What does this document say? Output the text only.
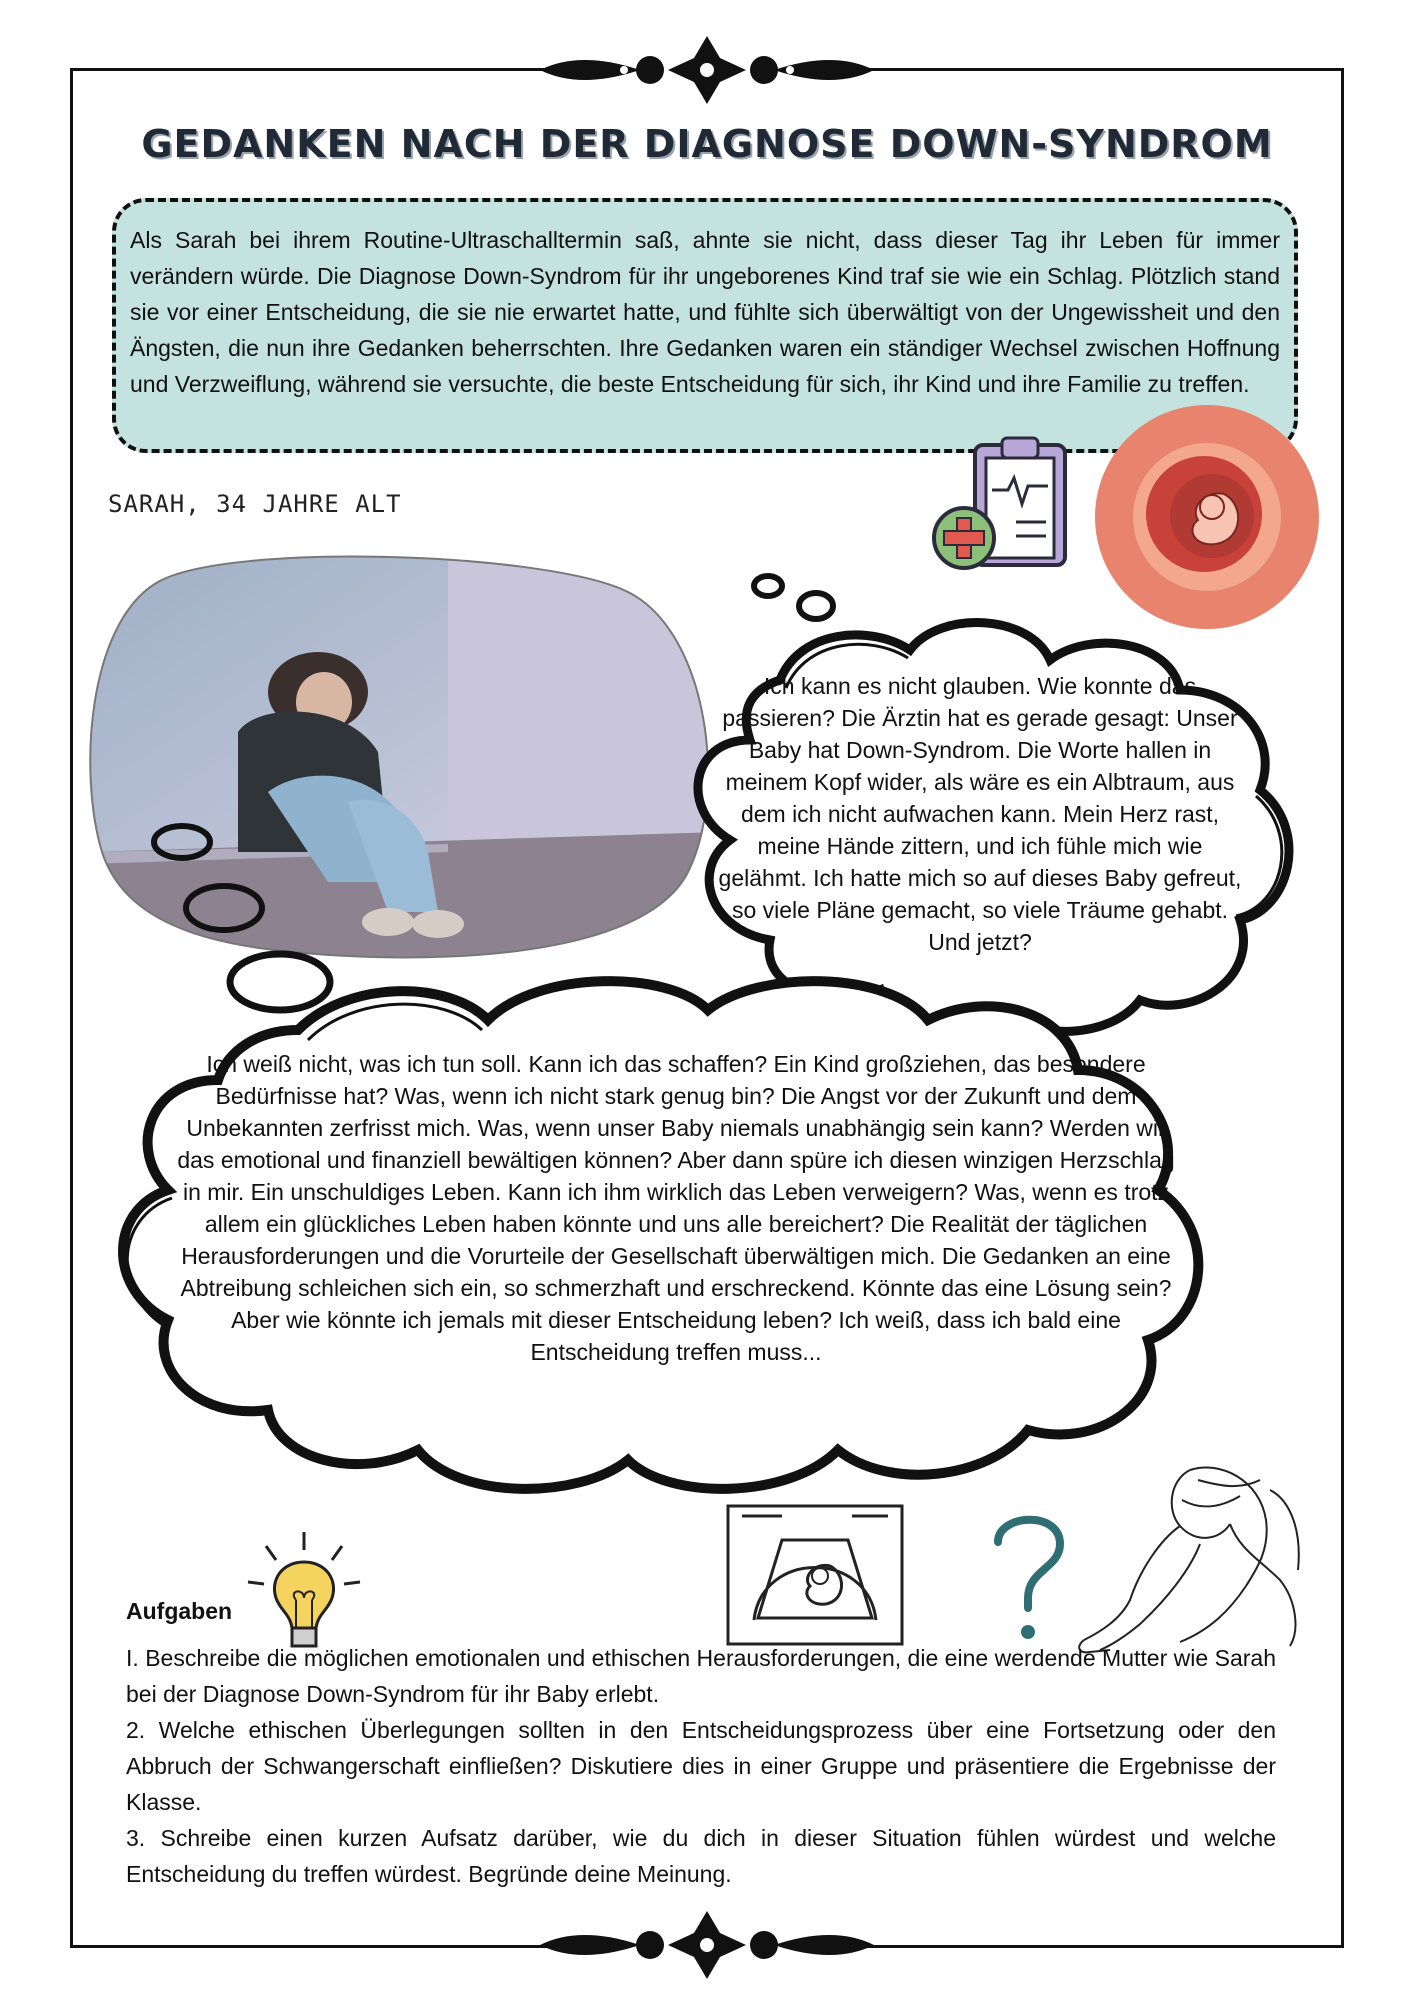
GEDANKEN NACH DER DIAGNOSE DOWN-SYNDROM
Als Sarah bei ihrem Routine-Ultraschalltermin saß, ahnte sie nicht, dass dieser Tag ihr Leben für immer verändern würde. Die Diagnose Down-Syndrom für ihr ungeborenes Kind traf sie wie ein Schlag. Plötzlich stand sie vor einer Entscheidung, die sie nie erwartet hatte, und fühlte sich überwältigt von der Ungewissheit und den Ängsten, die nun ihre Gedanken beherrschten. Ihre Gedanken waren ein ständiger Wechsel zwischen Hoffnung und Verzweiflung, während sie versuchte, die beste Entscheidung für sich, ihr Kind und ihre Familie zu treffen.
SARAH, 34 JAHRE ALT
Ich kann es nicht glauben. Wie konnte das passieren? Die Ärztin hat es gerade gesagt: Unser Baby hat Down-Syndrom. Die Worte hallen in meinem Kopf wider, als wäre es ein Albtraum, aus dem ich nicht aufwachen kann. Mein Herz rast, meine Hände zittern, und ich fühle mich wie gelähmt. Ich hatte mich so auf dieses Baby gefreut, so viele Pläne gemacht, so viele Träume gehabt. Und jetzt?
Ich weiß nicht, was ich tun soll. Kann ich das schaffen? Ein Kind großziehen, das besondere Bedürfnisse hat? Was, wenn ich nicht stark genug bin? Die Angst vor der Zukunft und dem Unbekannten zerfrisst mich. Was, wenn unser Baby niemals unabhängig sein kann? Werden wir das emotional und finanziell bewältigen können? Aber dann spüre ich diesen winzigen Herzschlag in mir. Ein unschuldiges Leben. Kann ich ihm wirklich das Leben verweigern? Was, wenn es trotz allem ein glückliches Leben haben könnte und uns alle bereichert? Die Realität der täglichen Herausforderungen und die Vorurteile der Gesellschaft überwältigen mich. Die Gedanken an eine Abtreibung schleichen sich ein, so schmerzhaft und erschreckend. Könnte das eine Lösung sein? Aber wie könnte ich jemals mit dieser Entscheidung leben? Ich weiß, dass ich bald eine Entscheidung treffen muss...
Aufgaben

I. Beschreibe die möglichen emotionalen und ethischen Herausforderungen, die eine werdende Mutter wie Sarah bei der Diagnose Down-Syndrom für ihr Baby erlebt.

2. Welche ethischen Überlegungen sollten in den Entscheidungsprozess über eine Fortsetzung oder den Abbruch der Schwangerschaft einfließen? Diskutiere dies in einer Gruppe und präsentiere die Ergebnisse der Klasse.

3. Schreibe einen kurzen Aufsatz darüber, wie du dich in dieser Situation fühlen würdest und welche Entscheidung du treffen würdest. Begründe deine Meinung.
